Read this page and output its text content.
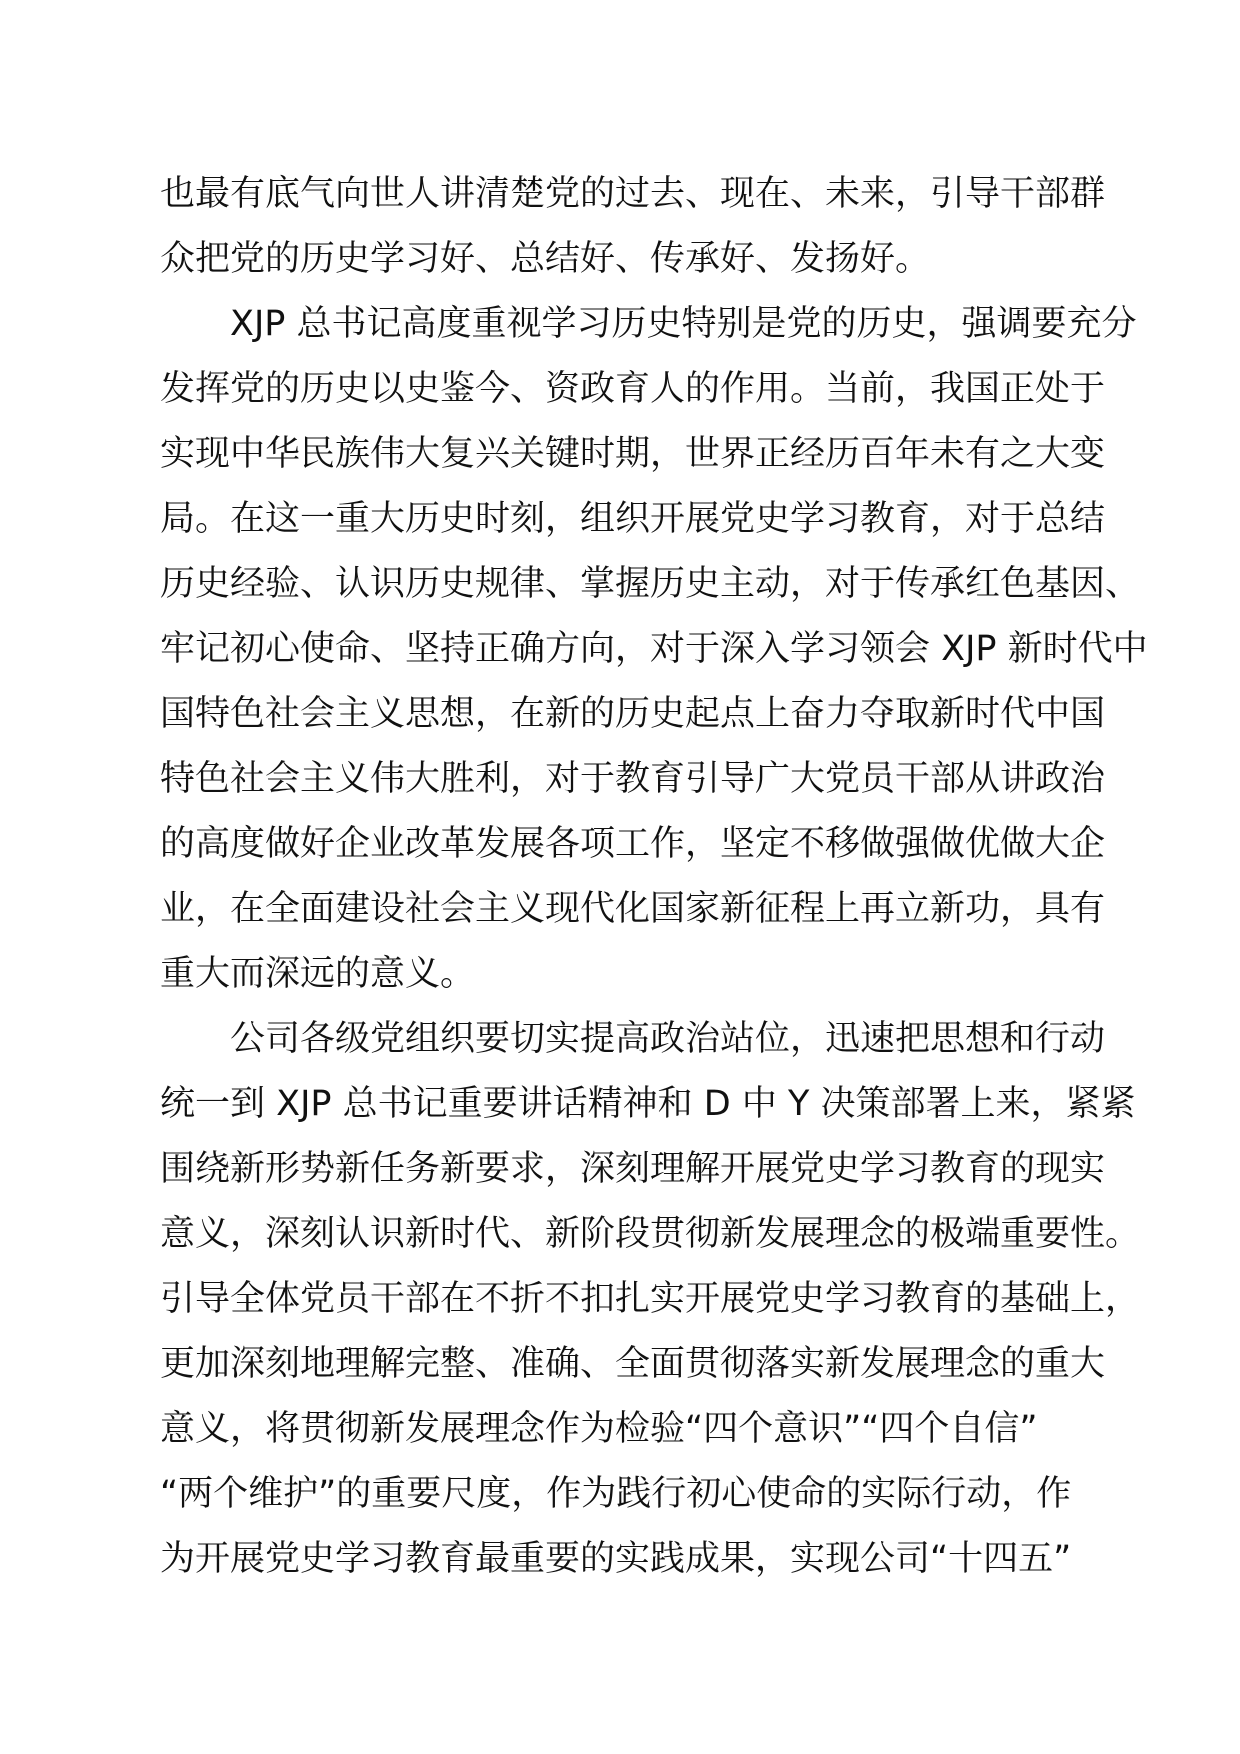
也最有底气向世人讲清楚党的过去、现在、未来，引导干部群
众把党的历史学习好、总结好、传承好、发扬好。
XJP 总书记高度重视学习历史特别是党的历史，强调要充分
发挥党的历史以史鉴今、资政育人的作用。当前，我国正处于
实现中华民族伟大复兴关键时期，世界正经历百年未有之大变
局。在这一重大历史时刻，组织开展党史学习教育，对于总结
历史经验、认识历史规律、掌握历史主动，对于传承红色基因、
牢记初心使命、坚持正确方向，对于深入学习领会 XJP 新时代中
国特色社会主义思想，在新的历史起点上奋力夺取新时代中国
特色社会主义伟大胜利，对于教育引导广大党员干部从讲政治
的高度做好企业改革发展各项工作，坚定不移做强做优做大企
业，在全面建设社会主义现代化国家新征程上再立新功，具有
重大而深远的意义。
公司各级党组织要切实提高政治站位，迅速把思想和行动
统一到 XJP 总书记重要讲话精神和 D 中 Y 决策部署上来，紧紧
围绕新形势新任务新要求，深刻理解开展党史学习教育的现实
意义，深刻认识新时代、新阶段贯彻新发展理念的极端重要性。
引导全体党员干部在不折不扣扎实开展党史学习教育的基础上，
更加深刻地理解完整、准确、全面贯彻落实新发展理念的重大
意义，将贯彻新发展理念作为检验“四个意识”“四个自信”
“两个维护”的重要尺度，作为践行初心使命的实际行动，作
为开展党史学习教育最重要的实践成果，实现公司“十四五”
